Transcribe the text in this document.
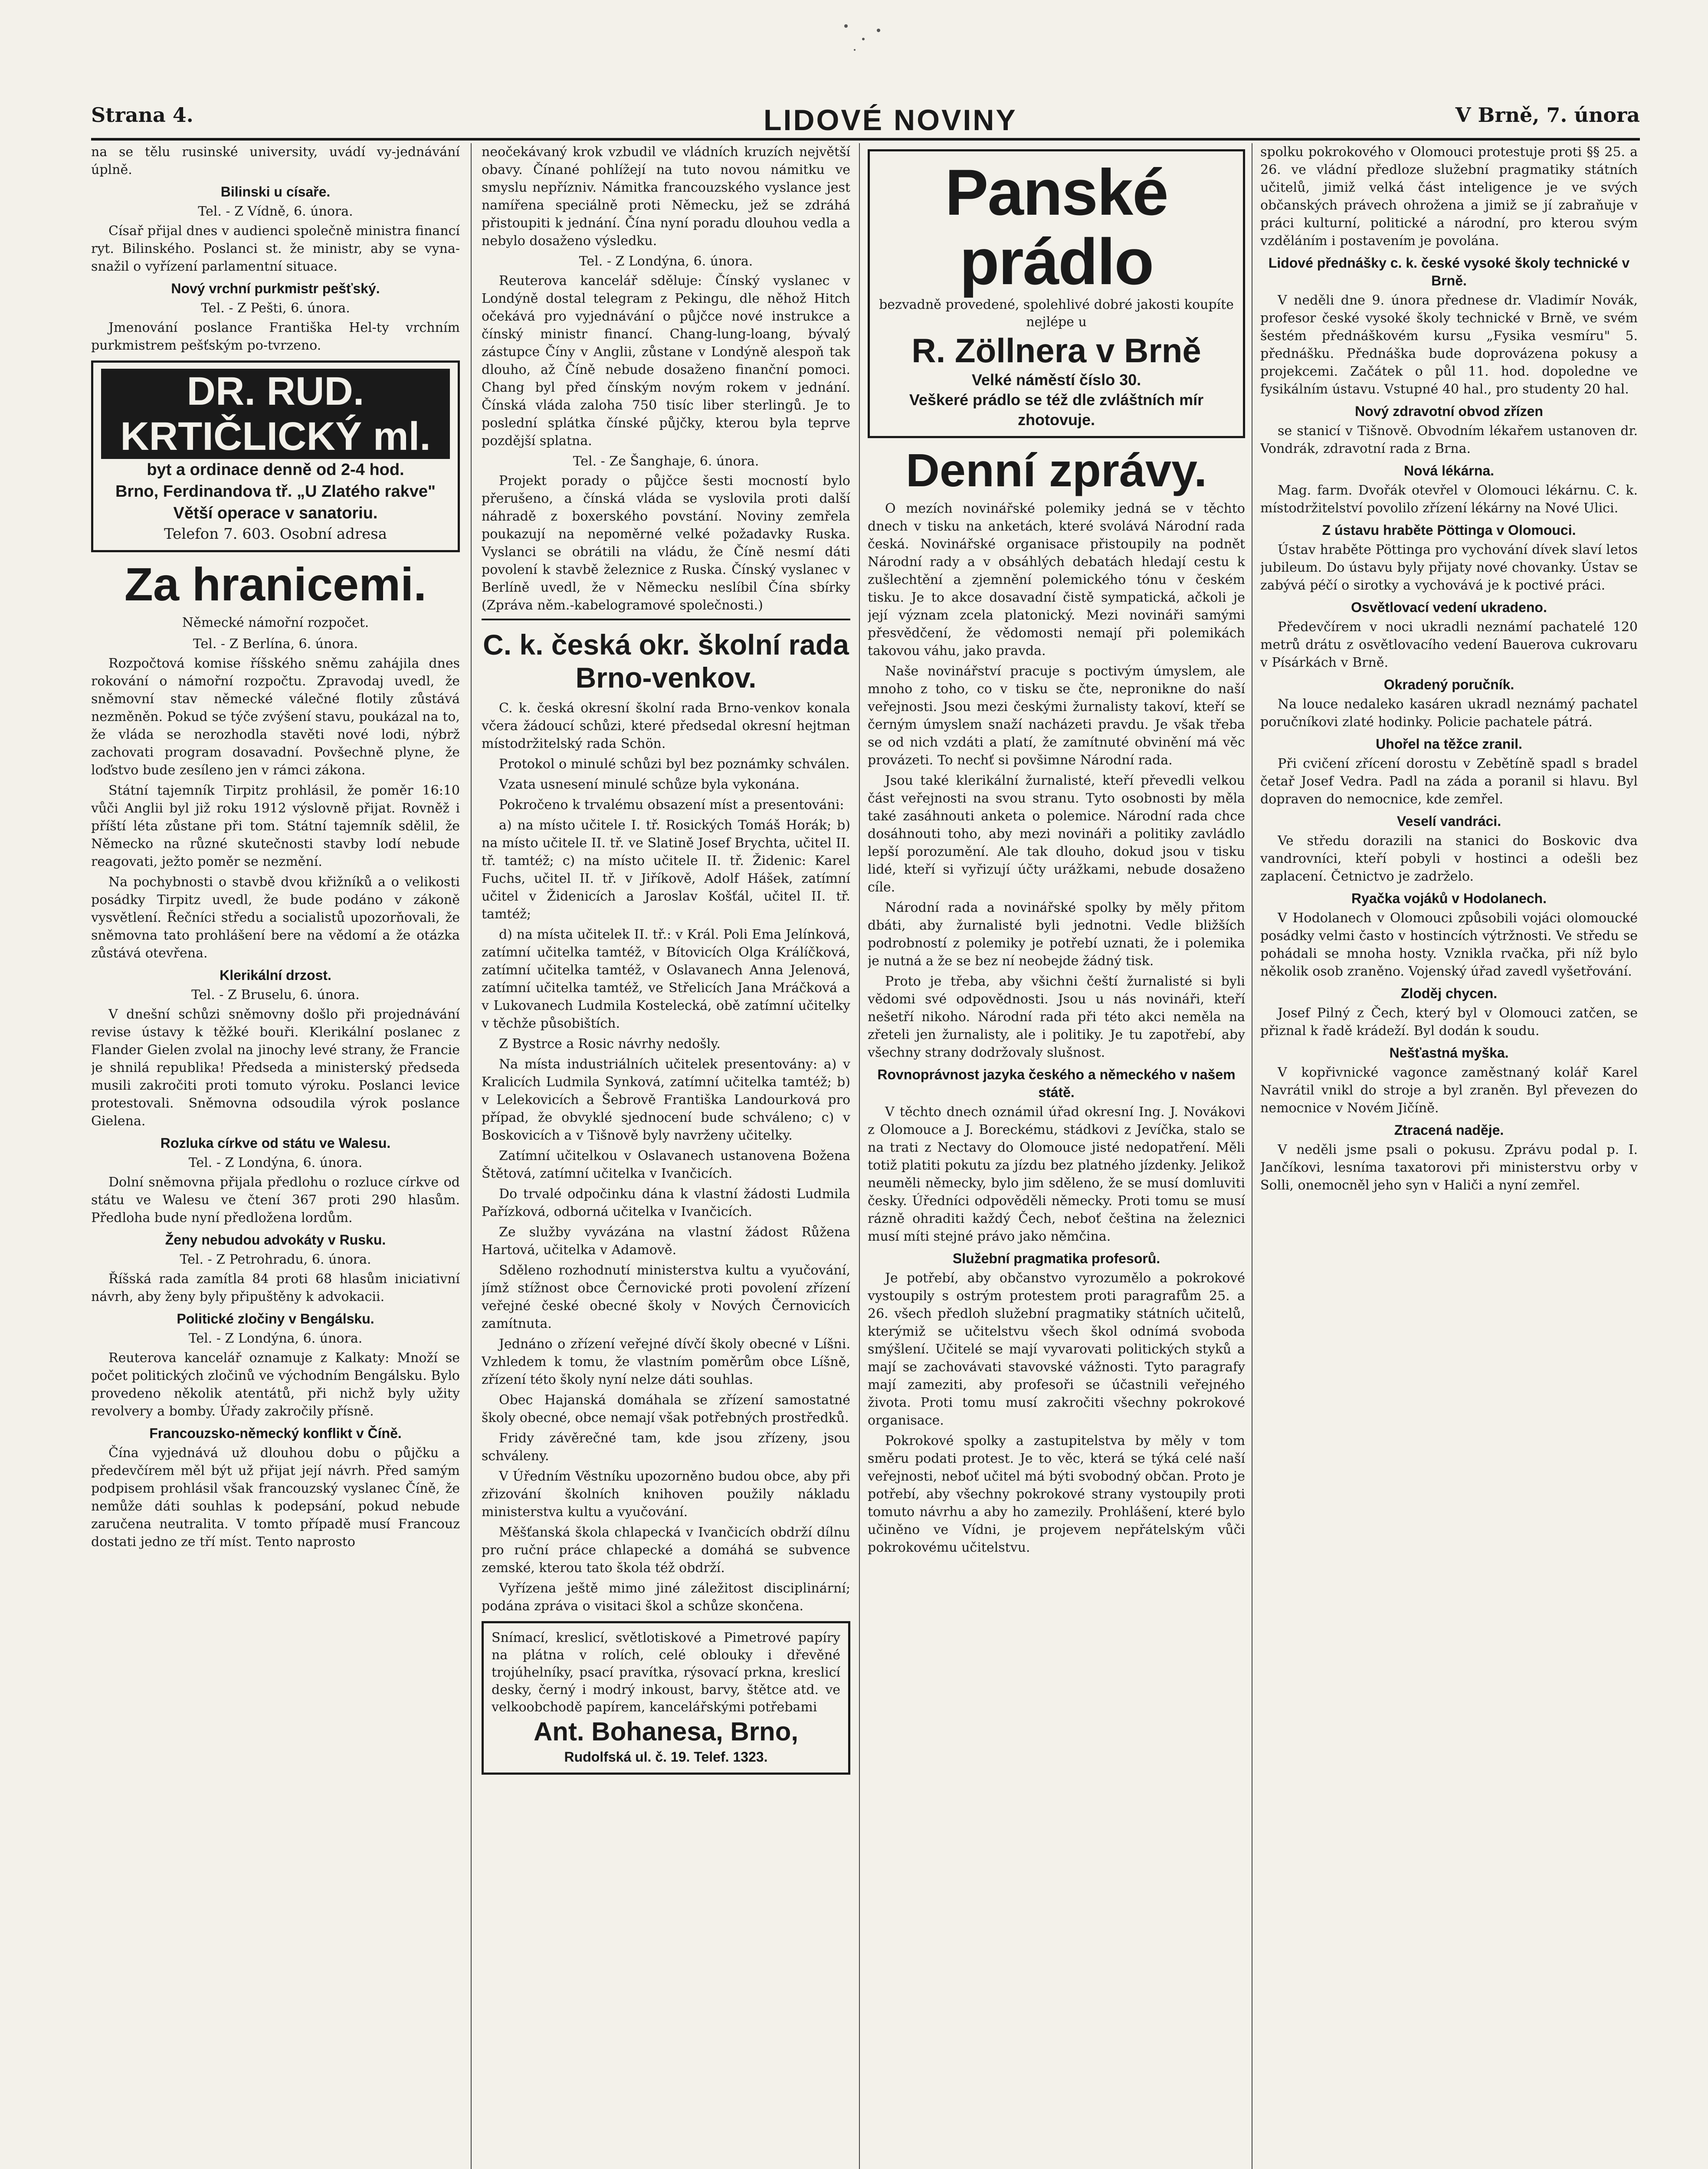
Strana 4.	LIDOVÉ NOVINY	V Brně, 7. února

na se tělu rusinské university, uvádí vy-jednávání úplně.

Bilinski u císaře.

Tel. - Z Vídně, 6. února.

Císař přijal dnes v audienci společně ministra financí ryt. Bilinského. Poslanci st. že ministr, aby se vyna-snažil o vyřízení parlamentní situace.

Nový vrchní purkmistr pešťský.

Tel. - Z Pešti, 6. února.

Jmenování poslance Františka Hel-ty vrchním purkmistrem pešťským po-tvrzeno.

DR. RUD. KRTIČLICKÝ ml.
byt a ordinace denně od 2-4 hod.
Brno, Ferdinandova tř. „U Zlatého rakve"
Větší operace v sanatoriu.
Telefon 7. 603. Osobní adresa
Za hranicemi.

Německé námořní rozpočet.

Tel. - Z Berlína, 6. února.

Rozpočtová komise říšského sněmu zahájila dnes rokování o námořní rozpočtu. Zpravodaj uvedl, že sněmovní stav německé válečné flotily zůstává nezměněn. Pokud se týče zvýšení stavu, poukázal na to, že vláda se nerozhodla stavěti nové lodi, nýbrž zachovati program dosavadní. Povšechně plyne, že loďstvo bude zesíleno jen v rámci zákona.

Státní tajemník Tirpitz prohlásil, že poměr 16:10 vůči Anglii byl již roku 1912 výslovně přijat. Rovněž i příští léta zůstane při tom. Státní tajemník sdělil, že Německo na různé skutečnosti stavby lodí nebude reagovati, ježto poměr se nezmění.

Na pochybnosti o stavbě dvou křižníků a o velikosti posádky Tirpitz uvedl, že bude podáno v zákoně vysvětlení. Řečníci středu a socialistů upozorňovali, že sněmovna tato prohlášení bere na vědomí a že otázka zůstává otevřena.

Klerikální drzost.

Tel. - Z Bruselu, 6. února.

V dnešní schůzi sněmovny došlo při projednávání revise ústavy k těžké bouři. Klerikální poslanec z Flander Gielen zvolal na jinochy levé strany, že Francie je shnilá republika! Předseda a ministerský předseda musili zakročiti proti tomuto výroku. Poslanci levice protestovali. Sněmovna odsoudila výrok poslance Gielena.

Rozluka církve od státu ve Walesu.

Tel. - Z Londýna, 6. února.

Dolní sněmovna přijala předlohu o rozluce církve od státu ve Walesu ve čtení 367 proti 290 hlasům. Předloha bude nyní předložena lordům.

Ženy nebudou advokáty v Rusku.

Tel. - Z Petrohradu, 6. února.

Říšská rada zamítla 84 proti 68 hlasům iniciativní návrh, aby ženy byly připuštěny k advokacii.

Politické zločiny v Bengálsku.

Tel. - Z Londýna, 6. února.

Reuterova kancelář oznamuje z Kalkaty: Množí se počet politických zločinů ve východním Bengálsku. Bylo provedeno několik atentátů, při nichž byly užity revolvery a bomby. Úřady zakročily přísně.

Francouzsko-německý konflikt v Číně.

Čína vyjednává už dlouhou dobu o půjčku a předevčírem měl být už přijat její návrh. Před samým podpisem prohlásil však francouzský vyslanec Číně, že nemůže dáti souhlas k podepsání, pokud nebude zaručena neutralita. V tomto případě musí Francouz dostati jedno ze tří míst. Tento naprosto

neočekávaný krok vzbudil ve vládních kruzích největší obavy. Čínané pohlížejí na tuto novou námitku ve smyslu nepřízniv. Námitka francouzského vyslance jest namířena speciálně proti Německu, jež se zdráhá přistoupiti k jednání. Čína nyní poradu dlouhou vedla a nebylo dosaženo výsledku.

Tel. - Z Londýna, 6. února.

Reuterova kancelář sděluje: Čínský vyslanec v Londýně dostal telegram z Pekingu, dle něhož Hitch očekává pro vyjednávání o půjčce nové instrukce a čínský ministr financí. Chang-lung-loang, bývalý zástupce Číny v Anglii, zůstane v Londýně alespoň tak dlouho, až Číně nebude dosaženo finanční pomoci. Chang byl před čínským novým rokem v jednání. Čínská vláda zaloha 750 tisíc liber sterlingů. Je to poslední splátka čínské půjčky, kterou byla teprve pozdější splatna.

Tel. - Ze Šanghaje, 6. února.

Projekt porady o půjčce šesti mocností bylo přerušeno, a čínská vláda se vyslovila proti další náhradě z boxerského povstání. Noviny zemřela poukazují na nepoměrné velké požadavky Ruska. Vyslanci se obrátili na vládu, že Číně nesmí dáti povolení k stavbě železnice z Ruska. Čínský vyslanec v Berlíně uvedl, že v Německu neslíbil Čína sbírky (Zpráva něm.-kabelogramové společnosti.)

C. k. česká okr. školní rada Brno-venkov.

C. k. česká okresní školní rada Brno-venkov konala včera žádoucí schůzi, které předsedal okresní hejtman místodržitelský rada Schön.

Protokol o minulé schůzi byl bez poznámky schválen.

Vzata usnesení minulé schůze byla vykonána.

Pokročeno k trvalému obsazení míst a presentováni:

a) na místo učitele I. tř. Rosických Tomáš Horák; b) na místo učitele II. tř. ve Slatině Josef Brychta, učitel II. tř. tamtéž; c) na místo učitele II. tř. Židenic: Karel Fuchs, učitel II. tř. v Jiříkově, Adolf Hášek, zatímní učitel v Židenicích a Jaroslav Košťál, učitel II. tř. tamtéž;

d) na místa učitelek II. tř.: v Král. Poli Ema Jelínková, zatímní učitelka tamtéž, v Bítovicích Olga Králíčková, zatímní učitelka tamtéž, v Oslavanech Anna Jelenová, zatímní učitelka tamtéž, ve Střelicích Jana Mráčková a v Lukovanech Ludmila Kostelecká, obě zatímní učitelky v těchže působištích.

Z Bystrce a Rosic návrhy nedošly.

Na místa industriálních učitelek presentovány: a) v Kralicích Ludmila Synková, zatímní učitelka tamtéž; b) v Lelekovicích a Šebrově Františka Landourková pro případ, že obvyklé sjednocení bude schváleno; c) v Boskovicích a v Tišnově byly navrženy učitelky.

Zatímní učitelkou v Oslavanech ustanovena Božena Štětová, zatímní učitelka v Ivančicích.

Do trvalé odpočinku dána k vlastní žádosti Ludmila Pařízková, odborná učitelka v Ivančicích.

Ze služby vyvázána na vlastní žádost Růžena Hartová, učitelka v Adamově.

Sděleno rozhodnutí ministerstva kultu a vyučování, jímž stížnost obce Černovické proti povolení zřízení veřejné české obecné školy v Nových Černovicích zamítnuta.

Jednáno o zřízení veřejné dívčí školy obecné v Líšni. Vzhledem k tomu, že vlastním poměrům obce Líšně, zřízení této školy nyní nelze dáti souhlas.

Obec Hajanská domáhala se zřízení samostatné školy obecné, obce nemají však potřebných prostředků.

Fridy závěrečné tam, kde jsou zřízeny, jsou schváleny.

V Úředním Věstníku upozorněno budou obce, aby při zřizování školních knihoven použily nákladu ministerstva kultu a vyučování.

Měšťanská škola chlapecká v Ivančicích obdrží dílnu pro ruční práce chlapecké a domáhá se subvence zemské, kterou tato škola též obdrží.

Vyřízena ještě mimo jiné záležitost disciplinární; podána zpráva o visitaci škol a schůze skončena.

Snímací, kreslicí, světlotiskové a Pimetrové papíry na plátna v rolích, celé oblouky i dřevěné trojúhelníky, psací pravítka, rýsovací prkna, kreslicí desky, černý i modrý inkoust, barvy, štětce atd. ve velkoobchodě papírem, kancelářskými potřebami
Ant. Bohanesa, Brno,
Rudolfská ul. č. 19. Telef. 1323.
Panské prádlo
bezvadně provedené, spolehlivé dobré jakosti koupíte nejlépe u
R. Zöllnera v Brně
Velké náměstí číslo 30.
Veškeré prádlo se též dle zvláštních mír zhotovuje.
Denní zprávy.

O mezích novinářské polemiky jedná se v těchto dnech v tisku na anketách, které svolává Národní rada česká. Novinářské organisace přistoupily na podnět Národní rady a v obsáhlých debatách hledají cestu k zušlechtění a zjemnění polemického tónu v českém tisku. Je to akce dosavadní čistě sympatická, ačkoli je její význam zcela platonický. Mezi novináři samými přesvědčení, že vědomosti nemají při polemikách takovou váhu, jako pravda.

Naše novinářství pracuje s poctivým úmyslem, ale mnoho z toho, co v tisku se čte, nepronikne do naší veřejnosti. Jsou mezi českými žurnalisty takoví, kteří se černým úmyslem snaží nacházeti pravdu. Je však třeba se od nich vzdáti a platí, že zamítnuté obvinění má věc provázeti. To nechť si povšimne Národní rada.

Jsou také klerikální žurnalisté, kteří převedli velkou část veřejnosti na svou stranu. Tyto osobnosti by měla také zasáhnouti anketa o polemice. Národní rada chce dosáhnouti toho, aby mezi novináři a politiky zavládlo lepší porozumění. Ale tak dlouho, dokud jsou v tisku lidé, kteří si vyřizují účty urážkami, nebude dosaženo cíle.

Národní rada a novinářské spolky by měly přitom dbáti, aby žurnalisté byli jednotni. Vedle bližších podrobností z polemiky je potřebí uznati, že i polemika je nutná a že se bez ní neobejde žádný tisk.

Proto je třeba, aby všichni čeští žurnalisté si byli vědomi své odpovědnosti. Jsou u nás novináři, kteří nešetří nikoho. Národní rada při této akci neměla na zřeteli jen žurnalisty, ale i politiky. Je tu zapotřebí, aby všechny strany dodržovaly slušnost.

Rovnoprávnost jazyka českého a německého v našem státě.

V těchto dnech oznámil úřad okresní Ing. J. Novákovi z Olomouce a J. Boreckému, stádkovi z Jevíčka, stalo se na trati z Nectavy do Olomouce jisté nedopatření. Měli totiž platiti pokutu za jízdu bez platného jízdenky. Jelikož neuměli německy, bylo jim sděleno, že se musí domluviti česky. Úředníci odpověděli německy. Proti tomu se musí rázně ohraditi každý Čech, neboť čeština na železnici musí míti stejné právo jako němčina.

Služební pragmatika profesorů.

Je potřebí, aby občanstvo vyrozumělo a pokrokové vystoupily s ostrým protestem proti paragrafům 25. a 26. všech předloh služební pragmatiky státních učitelů, kterýmiž se učitelstvu všech škol odnímá svoboda smýšlení. Učitelé se mají vyvarovati politických styků a mají se zachovávati stavovské vážnosti. Tyto paragrafy mají zameziti, aby profesoři se účastnili veřejného života. Proti tomu musí zakročiti všechny pokrokové organisace.

Pokrokové spolky a zastupitelstva by měly v tom směru podati protest. Je to věc, která se týká celé naší veřejnosti, neboť učitel má býti svobodný občan. Proto je potřebí, aby všechny pokrokové strany vystoupily proti tomuto návrhu a aby ho zamezily. Prohlášení, které bylo učiněno ve Vídni, je projevem nepřátelským vůči pokrokovému učitelstvu.

spolku pokrokového v Olomouci protestuje proti §§ 25. a 26. ve vládní předloze služební pragmatiky státních učitelů, jimiž velká část inteligence je ve svých občanských právech ohrožena a jimiž se jí zabraňuje v práci kulturní, politické a národní, pro kterou svým vzděláním i postavením je povolána.

Lidové přednášky c. k. české vysoké školy technické v Brně.

V neděli dne 9. února přednese dr. Vladimír Novák, profesor české vysoké školy technické v Brně, ve svém šestém přednáškovém kursu „Fysika vesmíru" 5. přednášku. Přednáška bude doprovázena pokusy a projekcemi. Začátek o půl 11. hod. dopoledne ve fysikálním ústavu. Vstupné 40 hal., pro studenty 20 hal.

Nový zdravotní obvod zřízen

se stanicí v Tišnově. Obvodním lékařem ustanoven dr. Vondrák, zdravotní rada z Brna.

Nová lékárna.

Mag. farm. Dvořák otevřel v Olomouci lékárnu. C. k. místodržitelství povolilo zřízení lékárny na Nové Ulici.

Z ústavu hraběte Pöttinga v Olomouci.

Ústav hraběte Pöttinga pro vychování dívek slaví letos jubileum. Do ústavu byly přijaty nové chovanky. Ústav se zabývá péčí o sirotky a vychovává je k poctivé práci.

Osvětlovací vedení ukradeno.

Předevčírem v noci ukradli neznámí pachatelé 120 metrů drátu z osvětlovacího vedení Bauerova cukrovaru v Písárkách v Brně.

Okradený poručník.

Na louce nedaleko kasáren ukradl neznámý pachatel poručníkovi zlaté hodinky. Policie pachatele pátrá.

Uhořel na těžce zranil.

Při cvičení zřícení dorostu v Zebětíně spadl s bradel četař Josef Vedra. Padl na záda a poranil si hlavu. Byl dopraven do nemocnice, kde zemřel.

Veselí vandráci.

Ve středu dorazili na stanici do Boskovic dva vandrovníci, kteří pobyli v hostinci a odešli bez zaplacení. Četnictvo je zadrželo.

Ryačka vojáků v Hodolanech.

V Hodolanech v Olomouci způsobili vojáci olomoucké posádky velmi často v hostincích výtržnosti. Ve středu se pohádali se mnoha hosty. Vznikla rvačka, při níž bylo několik osob zraněno. Vojenský úřad zavedl vyšetřování.

Zloděj chycen.

Josef Pilný z Čech, který byl v Olomouci zatčen, se přiznal k řadě krádeží. Byl dodán k soudu.

Nešťastná myška.

V kopřivnické vagonce zaměstnaný kolář Karel Navrátil vnikl do stroje a byl zraněn. Byl převezen do nemocnice v Novém Jičíně.

Ztracená naděje.

V neděli jsme psali o pokusu. Zprávu podal p. I. Jančíkovi, lesníma taxatorovi při ministerstvu orby v Solli, onemocněl jeho syn v Haliči a nyní zemřel.
